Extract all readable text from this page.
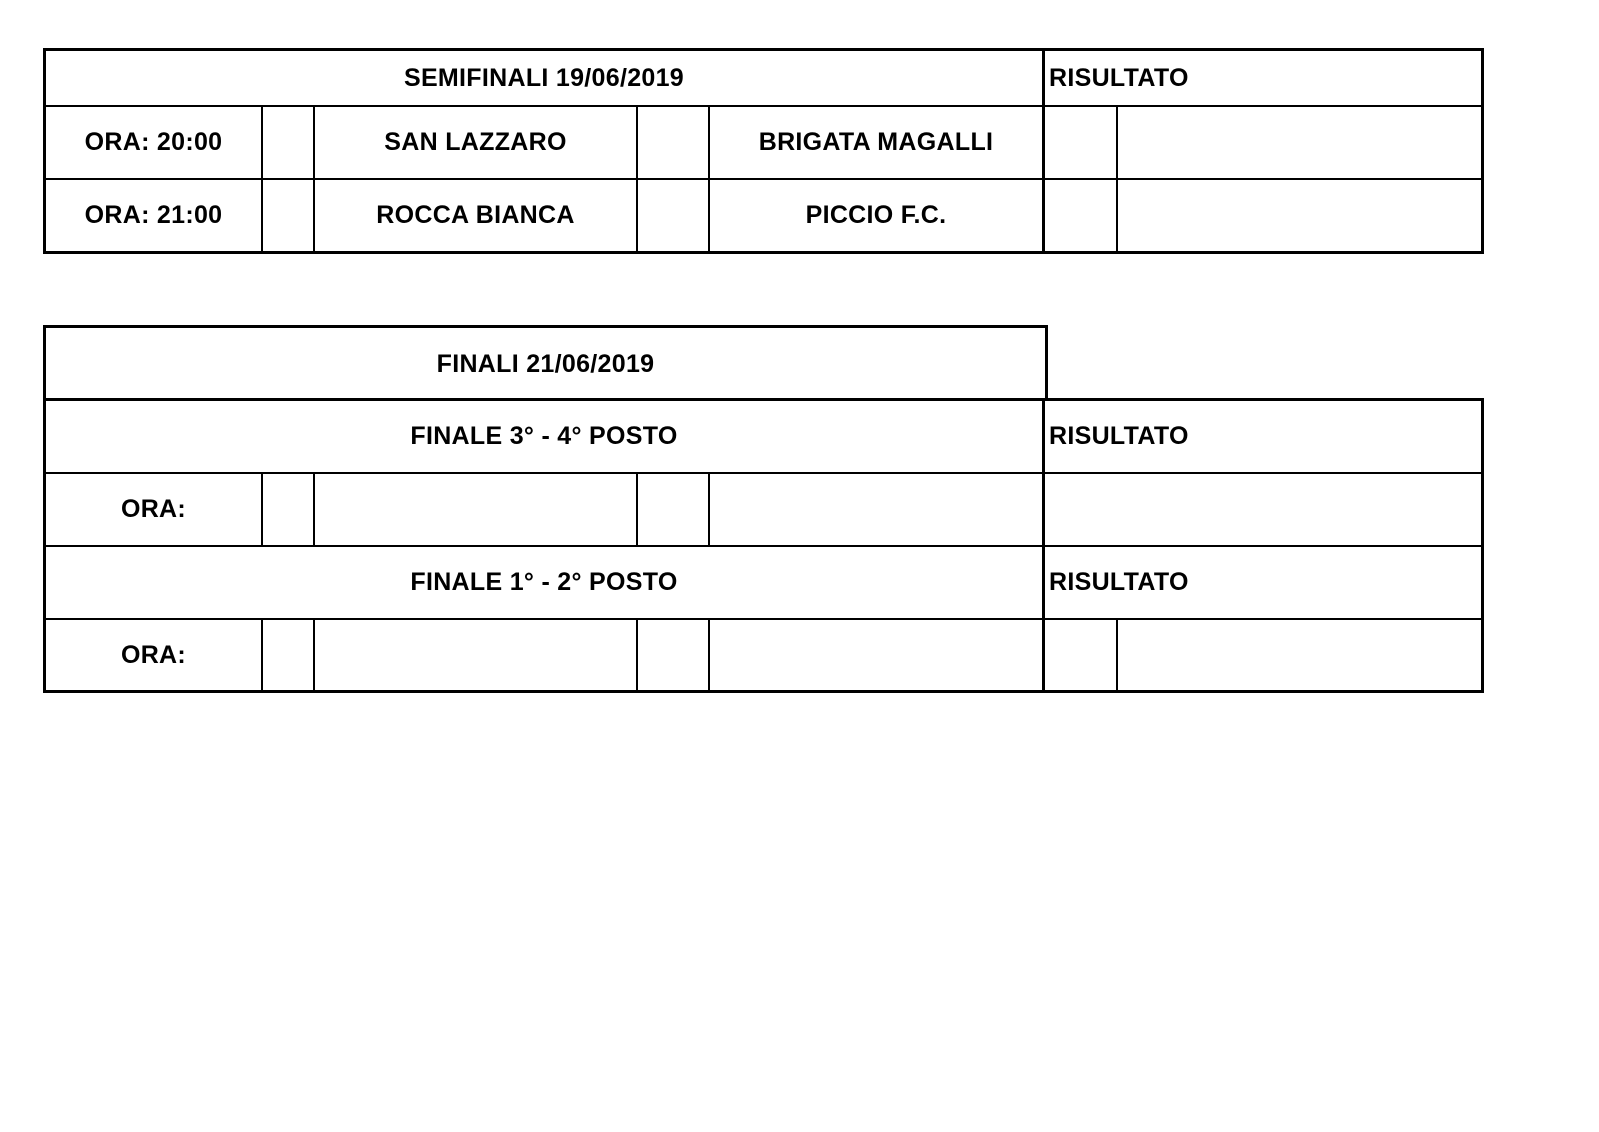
SEMIFINALI 19/06/2019	RISULTATO
ORA: 20:00	SAN LAZZARO	BRIGATA MAGALLI
ORA: 21:00	ROCCA BIANCA	PICCIO F.C.
FINALI 21/06/2019
FINALE 3° - 4° POSTO	RISULTATO
ORA:
FINALE 1° - 2° POSTO	RISULTATO
ORA:
